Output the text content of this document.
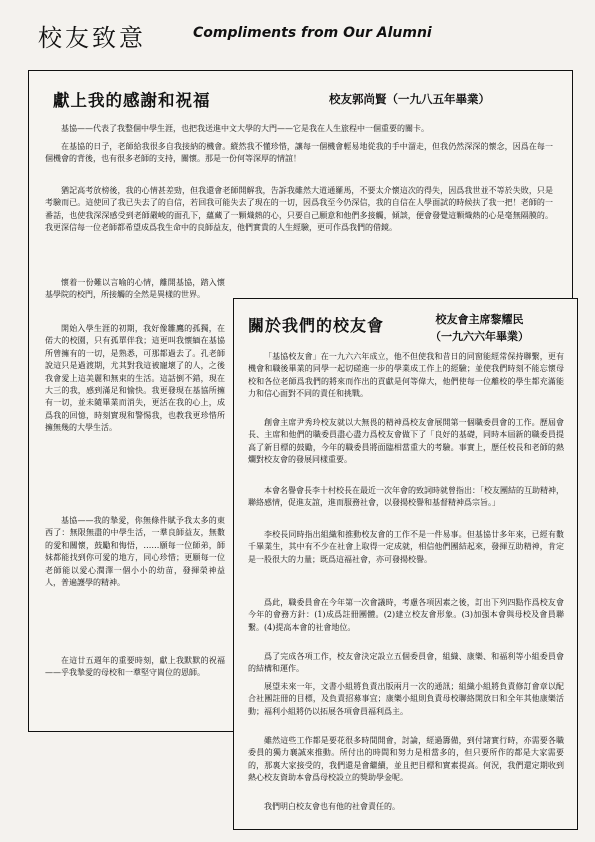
校友致意	Compliments from Our Alumni
獻上我的感謝和祝福	校友郭尚賢（一九八五年畢業）

基協——代表了我整個中學生涯，也把我送進中文大學的大門——它是我在人生旅程中一個重要的關卡。

在基協的日子，老師給我很多自我接納的機會。縱然我不懂珍惜，讓每一個機會輕易地從我的手中溜走，但我仍然深深的懷念，因爲在每一個機會的背後，也有很多老師的支持，關懷。那是一份何等深厚的情誼！

猶記高考放榜後，我的心情甚差勁，但我還會老師開解我，告訴我雖然大道通羅馬，不要太介懷這次的得失，因爲我世並不等於失敗，只是考驗而已。這使回了我已失去了的自信，若回我可能失去了現在的一切，因爲我至今仍深信，我的自信在人學面試的時候扶了我一把！老師的一番話，也使我深深感受到老師嚴峻的面孔下，蘊藏了一顆熾熱的心，只要自己願意和他們多接觸，傾談，便會發覺這顆熾熱的心是毫無隔膜的。我更深信每一位老師都希望成爲我生命中的良師益友，他們實貴的人生經驗，更可作爲我們的借鏡。

懷着一份難以言喻的心情，離開基協，踏入懷基學院的校門，所接觸的全然是異樣的世界。

開始入學生涯的初期，我好像雛鷹的孤獨，在偌大的校園，只有孤單伴我；這更叫我懷緬在基協所曾擁有的一切，是熟悉，可那都過去了。孔老師說這只是過渡期，尤其對我這被寵壞了的人，之後我會愛上這美麗和無束的生活。這話倒不錯，現在大三的我，感到滿足和愉快。我更發現在基協所擁有一切，並未隨畢業而消失，更活在我的心上，成爲我的回憶，時刻實現和警惕我，也教我更珍惜所擁無幾的大學生活。

基協——我的摯愛，你無條件賦予我太多的東西了：無限無盡的中學生活，一羣良師益友，無數的愛和關懷，鼓勵和悔悟，……願每一位師弟，師妹都能找到你可愛的地方，同心珍惜；更願每一位老師能以愛心潤澤一個小小的幼苗，發揮榮神益人，普遍護學的精神。

在這廿五週年的重要時刻，獻上我默默的祝福——乎我摯愛的母校和一羣堅守崗位的恩師。

關於我們的校友會	校友會主席黎耀民
（一九六六年畢業）

「基協校友會」在一九六六年成立，他不但使我和昔日的同窗能經常保持聯繫，更有機會和職後畢業的同學一起切磋進一步的學業成工作上的經驗；並使我們時刻不能忘懷母校和各位老師爲我們的將來而作出的貢獻是何等偉大，他們使每一位離校的學生都充滿能力和信心面對不同的責任和挑戰。

創會主席尹秀玲校友就以大無畏的精神爲校友會展開第一個職委員會的工作。歷屆會長、主席和他們的職委員盡心盡力爲校友會做下了「良好的基礎，同時本屆新的職委員提高了新目標的鼓勵，今年的職委員將面臨相當重大的考驗。事實上，歷任校長和老師的熱爛對校友會的發展同樣重要。

本會名譽會長李十村校長在最近一次年會的致詞時就曾指出：「校友團結的互助精神，聯絡感情，促進友誼，進而服務社會，以發揚校譽和基督精神爲宗旨。」

李校長同時指出組織和推動校友會的工作不是一件易事。但基協廿多年來，已經有數千畢業生，其中有不少在社會上取得一定成就，相信他們團結起來，發揮互助精神，肯定是一股很大的力量；既爲這福社會，亦可發揚校譽。

爲此，職委員會在今年第一次會議時，考慮各項因素之後，訂出下列四點作爲校友會今年的會務方針：(1)成爲註冊團體。(2)建立校友會形象。(3)加强本會與母校及會員聯繫。(4)提高本會的社會地位。

爲了完成各項工作，校友會決定設立五個委員會，組織、康樂、和福利等小組委員會的結構和運作。

展望未來一年，文書小組將負責出版兩月一次的通訊；組織小組將負責修訂會章以配合社團註冊的目標，及負責招募事宜；康樂小組則負責母校聯絡開放日和全年其他康樂活動；福利小組將仍以拓展各項會員福利爲主。

雖然這些工作都是要花很多時間開會，討論，經過籌備，到付諸實行時，亦需要各職委員的獨力襄誠來推動。所付出的時間和努力是相當多的，但只要所作的都是大家需要的，那裏大家接受的，我們還是會繼續，並且把目標和實素提高。何況，我們還定期收到熱心校友資助本會爲母校設立的獎助學金呢。

我們明白校友會也有他的社會責任的。
